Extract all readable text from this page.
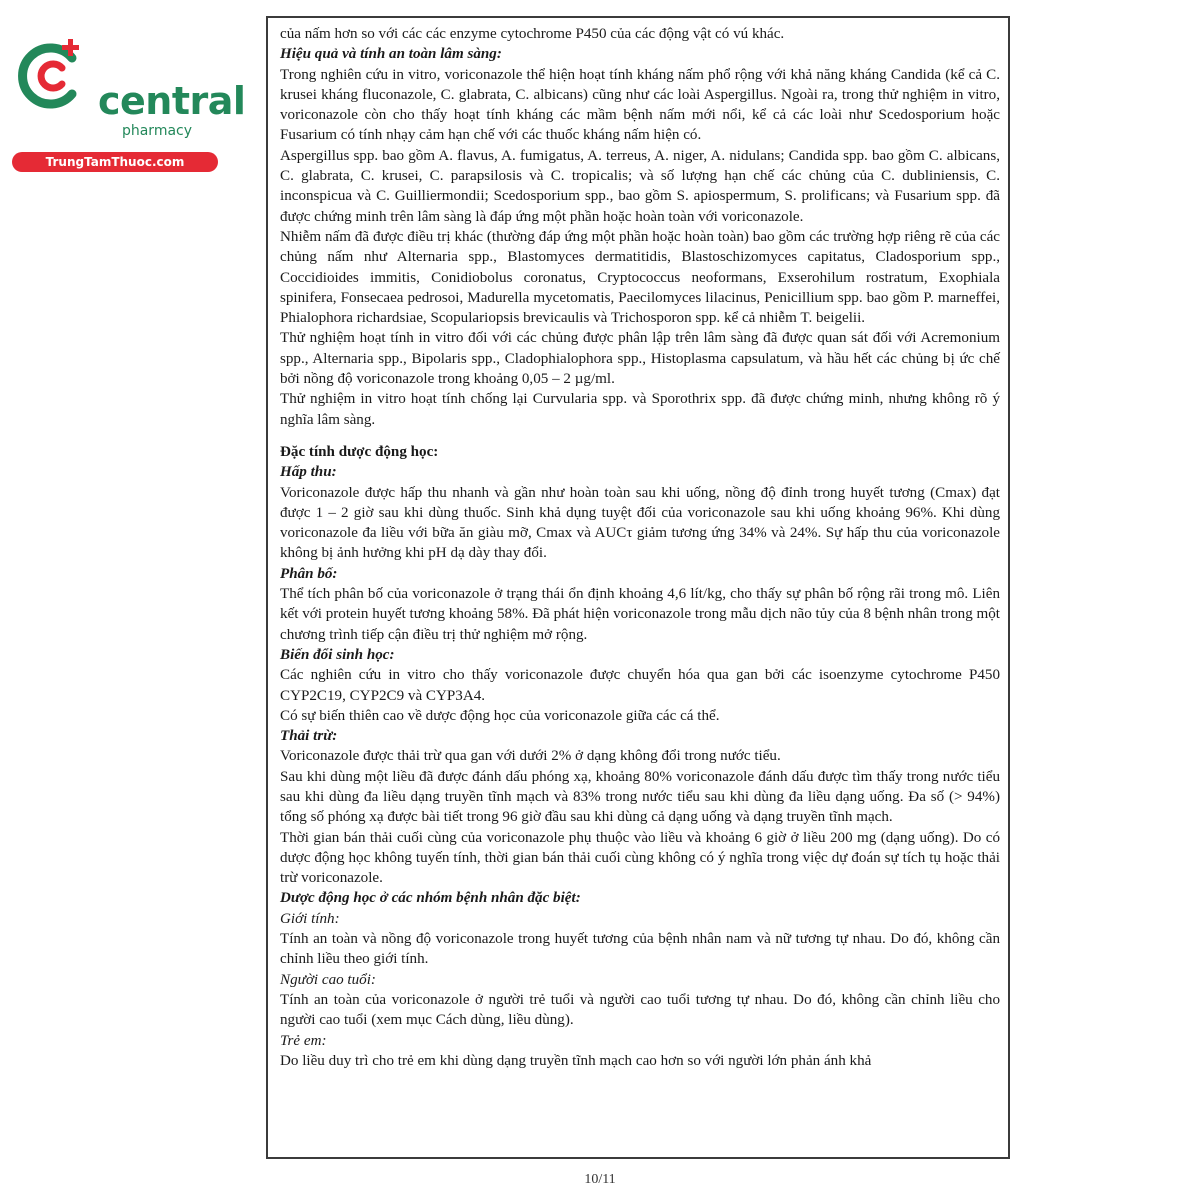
central
pharmacy
TrungTamThuoc.com

của nấm hơn so với các các enzyme cytochrome P450 của các động vật có vú khác.

Hiệu quả và tính an toàn lâm sàng:

Trong nghiên cứu in vitro, voriconazole thể hiện hoạt tính kháng nấm phổ rộng với khả năng kháng Candida (kể cả C. krusei kháng fluconazole, C. glabrata, C. albicans) cũng như các loài Aspergillus. Ngoài ra, trong thử nghiệm in vitro, voriconazole còn cho thấy hoạt tính kháng các mầm bệnh nấm mới nổi, kể cả các loài như Scedosporium hoặc Fusarium có tính nhạy cảm hạn chế với các thuốc kháng nấm hiện có.

Aspergillus spp. bao gồm A. flavus, A. fumigatus, A. terreus, A. niger, A. nidulans; Candida spp. bao gồm C. albicans, C. glabrata, C. krusei, C. parapsilosis và C. tropicalis; và số lượng hạn chế các chủng của C. dubliniensis, C. inconspicua và C. Guilliermondii; Scedosporium spp., bao gồm S. apiospermum, S. prolificans; và Fusarium spp. đã được chứng minh trên lâm sàng là đáp ứng một phần hoặc hoàn toàn với voriconazole.

Nhiễm nấm đã được điều trị khác (thường đáp ứng một phần hoặc hoàn toàn) bao gồm các trường hợp riêng rẽ của các chủng nấm như Alternaria spp., Blastomyces dermatitidis, Blastoschizomyces capitatus, Cladosporium spp., Coccidioides immitis, Conidiobolus coronatus, Cryptococcus neoformans, Exserohilum rostratum, Exophiala spinifera, Fonsecaea pedrosoi, Madurella mycetomatis, Paecilomyces lilacinus, Penicillium spp. bao gồm P. marneffei, Phialophora richardsiae, Scopulariopsis brevicaulis và Trichosporon spp. kể cả nhiễm T. beigelii.

Thử nghiệm hoạt tính in vitro đối với các chủng được phân lập trên lâm sàng đã được quan sát đối với Acremonium spp., Alternaria spp., Bipolaris spp., Cladophialophora spp., Histoplasma capsulatum, và hầu hết các chủng bị ức chế bởi nồng độ voriconazole trong khoảng 0,05 – 2 µg/ml.

Thử nghiệm in vitro hoạt tính chống lại Curvularia spp. và Sporothrix spp. đã được chứng minh, nhưng không rõ ý nghĩa lâm sàng.

Đặc tính dược động học:

Hấp thu:

Voriconazole được hấp thu nhanh và gần như hoàn toàn sau khi uống, nồng độ đỉnh trong huyết tương (Cmax) đạt được 1 – 2 giờ sau khi dùng thuốc. Sinh khả dụng tuyệt đối của voriconazole sau khi uống khoảng 96%. Khi dùng voriconazole đa liều với bữa ăn giàu mỡ, Cmax và AUCτ giảm tương ứng 34% và 24%. Sự hấp thu của voriconazole không bị ảnh hưởng khi pH dạ dày thay đổi.

Phân bố:

Thể tích phân bố của voriconazole ở trạng thái ổn định khoảng 4,6 lít/kg, cho thấy sự phân bố rộng rãi trong mô. Liên kết với protein huyết tương khoảng 58%. Đã phát hiện voriconazole trong mẫu dịch não tủy của 8 bệnh nhân trong một chương trình tiếp cận điều trị thử nghiệm mở rộng.

Biến đổi sinh học:

Các nghiên cứu in vitro cho thấy voriconazole được chuyển hóa qua gan bởi các isoenzyme cytochrome P450 CYP2C19, CYP2C9 và CYP3A4.

Có sự biến thiên cao về dược động học của voriconazole giữa các cá thể.

Thải trừ:

Voriconazole được thải trừ qua gan với dưới 2% ở dạng không đổi trong nước tiểu.

Sau khi dùng một liều đã được đánh dấu phóng xạ, khoảng 80% voriconazole đánh dấu được tìm thấy trong nước tiểu sau khi dùng đa liều dạng truyền tĩnh mạch và 83% trong nước tiểu sau khi dùng đa liều dạng uống. Đa số (> 94%) tổng số phóng xạ được bài tiết trong 96 giờ đầu sau khi dùng cả dạng uống và dạng truyền tĩnh mạch.

Thời gian bán thải cuối cùng của voriconazole phụ thuộc vào liều và khoảng 6 giờ ở liều 200 mg (dạng uống). Do có dược động học không tuyến tính, thời gian bán thải cuối cùng không có ý nghĩa trong việc dự đoán sự tích tụ hoặc thải trừ voriconazole.

Dược động học ở các nhóm bệnh nhân đặc biệt:

Giới tính:

Tính an toàn và nồng độ voriconazole trong huyết tương của bệnh nhân nam và nữ tương tự nhau. Do đó, không cần chỉnh liều theo giới tính.

Người cao tuổi:

Tính an toàn của voriconazole ở người trẻ tuổi và người cao tuổi tương tự nhau. Do đó, không cần chỉnh liều cho người cao tuổi (xem mục Cách dùng, liều dùng).

Trẻ em:

Do liều duy trì cho trẻ em khi dùng dạng truyền tĩnh mạch cao hơn so với người lớn phản ánh khả

10/11
